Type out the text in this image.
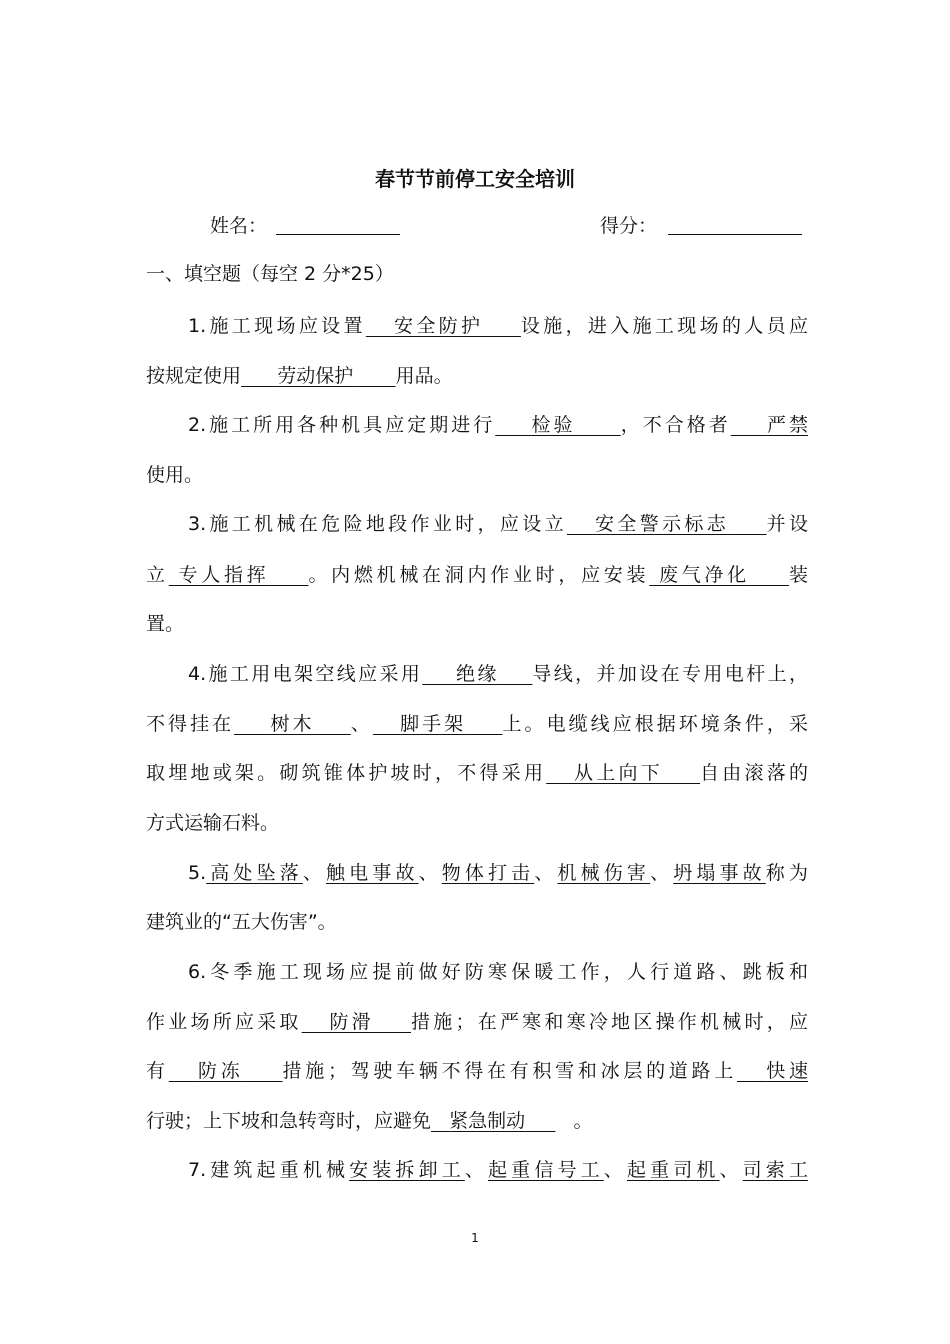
春节节前停工安全培训
姓名：	得分：
一、填空题（每空 2 分*25）
1.施工现场应设置 安全防护 设施，进入施工现场的人员应
按规定使用 劳动保护 用品。
2.施工所用各种机具应定期进行 检验 ，不合格者 严禁
使用。
3.施工机械在危险地段作业时，应设立 安全警示标志 并设
立 专人指挥 。内燃机械在洞内作业时，应安装 废气净化 装
置。
4.施工用电架空线应采用 绝缘 导线，并加设在专用电杆上，
不得挂在 树木 、 脚手架 上。电缆线应根据环境条件，采
取埋地或架。砌筑锥体护坡时，不得采用 从上向下 自由滚落的
方式运输石料。
5.高处坠落、触电事故、物体打击、机械伤害、坍塌事故称为
建筑业的“五大伤害”。
6.冬季施工现场应提前做好防寒保暖工作，人行道路、跳板和
作业场所应采取 防滑 措施；在严寒和寒冷地区操作机械时，应
有 防冻 措施；驾驶车辆不得在有积雪和冰层的道路上 快速
行驶；上下坡和急转弯时，应避免 紧急制动	。
7.建筑起重机械安装拆卸工、起重信号工、起重司机、司索工
1
